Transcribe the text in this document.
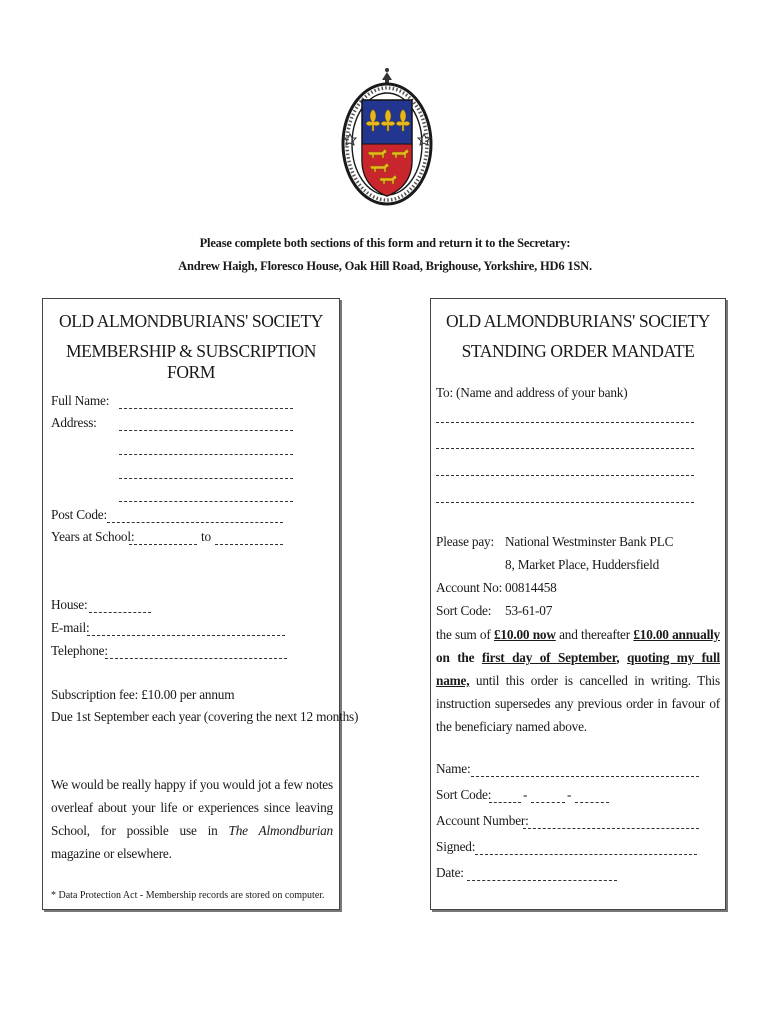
Please complete both sections of this form and return it to the Secretary:
Andrew Haigh, Floresco House, Oak Hill Road, Brighouse, Yorkshire, HD6 1SN.
OLD ALMONDBURIANS' SOCIETY
MEMBERSHIP & SUBSCRIPTION FORM
Full Name:
Address:
Post Code:
Years at School:	to
House:
E-mail:
Telephone:
Subscription fee: £10.00 per annum
Due 1st September each year (covering the next 12 months)

We would be really happy if you would jot a few notes overleaf about your life or experiences since leaving School, for possible use in The Almondburian magazine or elsewhere.

* Data Protection Act - Membership records are stored on computer.
OLD ALMONDBURIANS' SOCIETY
STANDING ORDER MANDATE
To: (Name and address of your bank)
Please pay: National Westminster Bank PLC
8, Market Place, Huddersfield
Account No: 00814458
Sort Code: 53-61-07

the sum of £10.00 now and thereafter £10.00 annually on the first day of September, quoting my full name, until this order is cancelled in writing. This instruction supersedes any previous order in favour of the beneficiary named above.

Name:
Sort Code: -	-
Account Number:
Signed:
Date:
